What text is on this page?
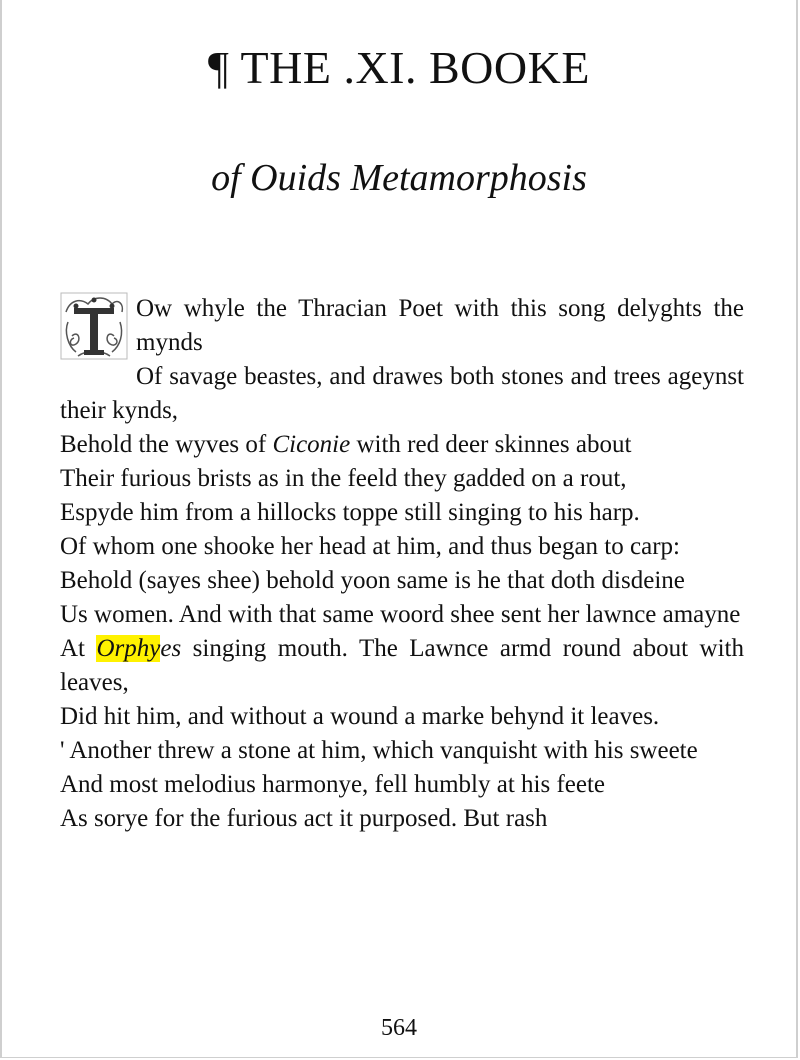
¶ THE .XI. BOOKE
of Ouids Metamorphosis

Ow whyle the Thracian Poet with this song delyghts the mynds

Of savage beastes, and drawes both stones and trees ageynst their kynds,

Behold the wyves of Ciconie with red deer skinnes about

Their furious brists as in the feeld they gadded on a rout,

Espyde him from a hillocks toppe still singing to his harp.

Of whom one shooke her head at him, and thus began to carp:

Behold (sayes shee) behold yoon same is he that doth disdeine

Us women. And with that same woord shee sent her lawnce amayne

At Orphyes singing mouth. The Lawnce armd round about with leaves,

Did hit him, and without a wound a marke behynd it leaves.

' Another threw a stone at him, which vanquisht with his sweete

And most melodius harmonye, fell humbly at his feete

As sorye for the furious act it purposed. But rash

564
